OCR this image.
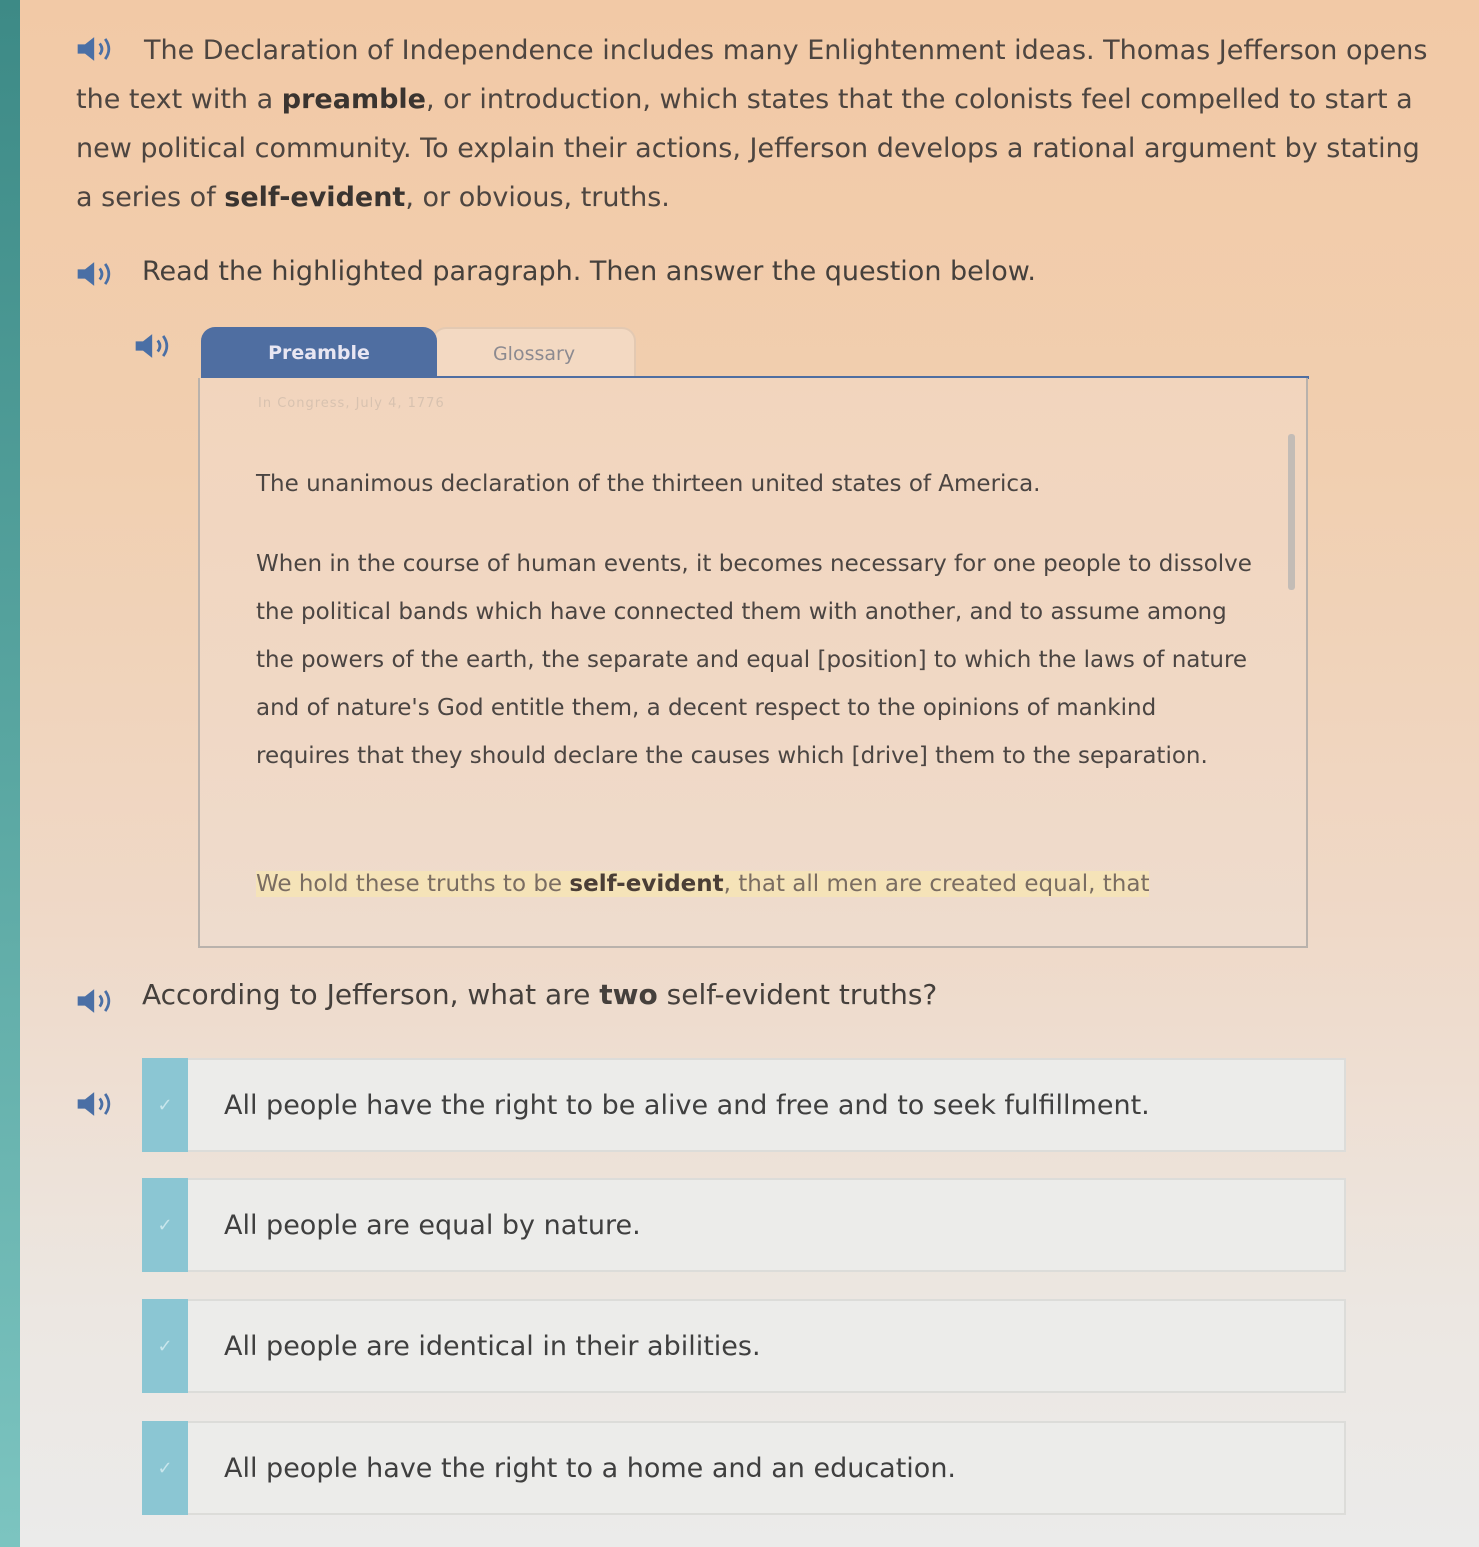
The Declaration of Independence includes many Enlightenment ideas. Thomas Jefferson opens the text with a preamble, or introduction, which states that the colonists feel compelled to start a new political community. To explain their actions, Jefferson develops a rational argument by stating a series of self-evident, or obvious, truths.

Read the highlighted paragraph. Then answer the question below.
Glossary
Preamble
In Congress, July 4, 1776

The unanimous declaration of the thirteen united states of America.

When in the course of human events, it becomes necessary for one people to dissolve the political bands which have connected them with another, and to assume among the powers of the earth, the separate and equal [position] to which the laws of nature and of nature's God entitle them, a decent respect to the opinions of mankind requires that they should declare the causes which [drive] them to the separation.

We hold these truths to be self-evident, that all men are created equal, that

According to Jefferson, what are two self-evident truths?
✓	All people have the right to be alive and free and to seek fulfillment.
✓	All people are equal by nature.
✓	All people are identical in their abilities.
✓	All people have the right to a home and an education.
